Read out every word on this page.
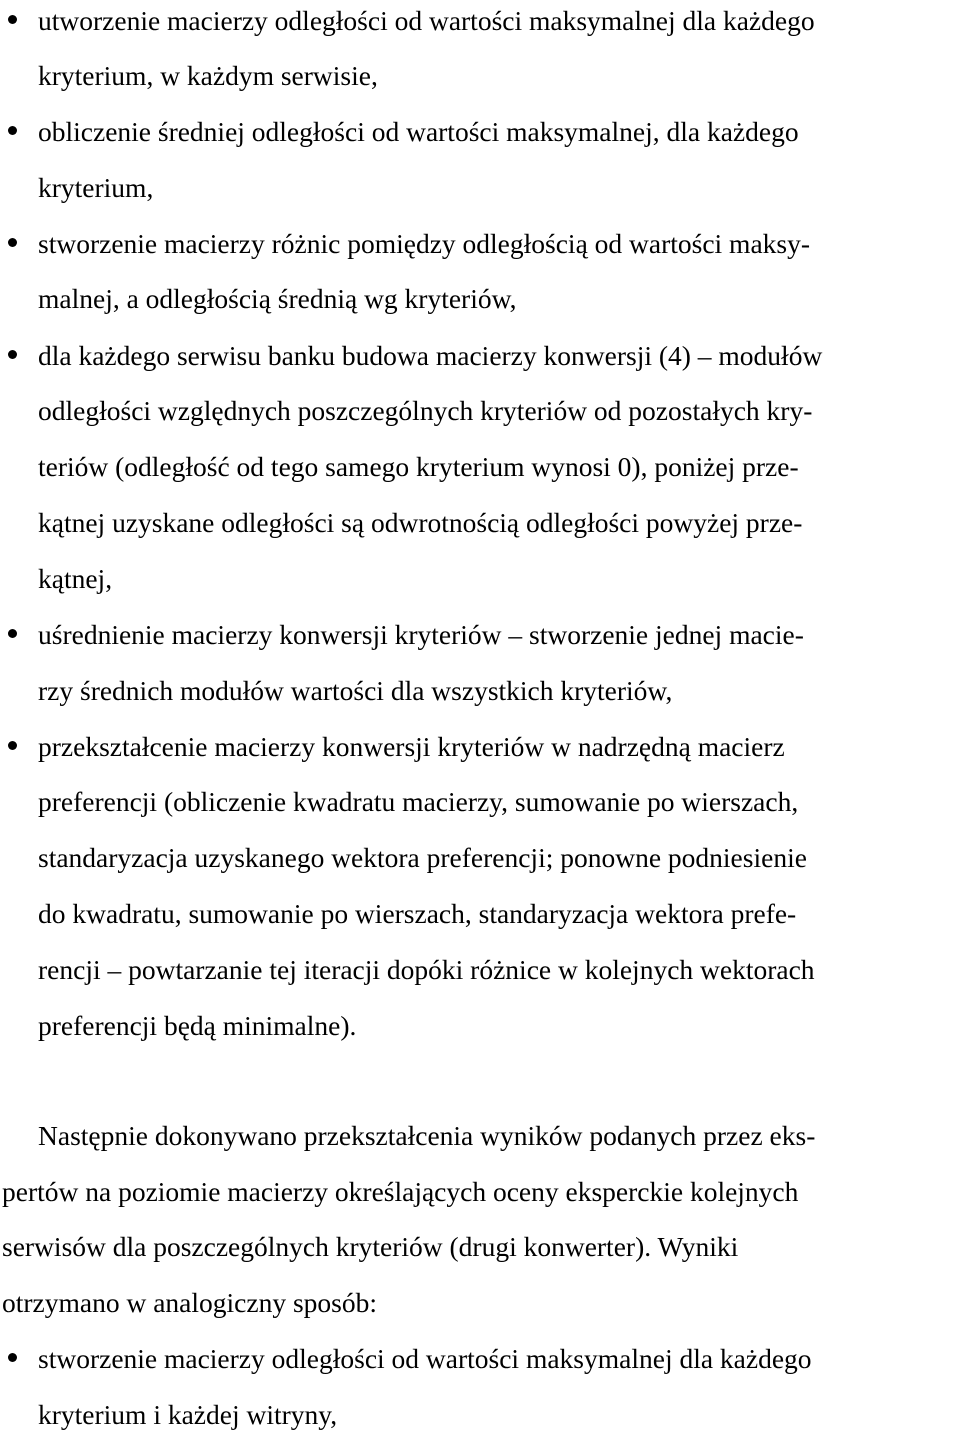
utworzenie macierzy odległości od wartości maksymalnej dla każdego
kryterium, w każdym serwisie,
obliczenie średniej odległości od wartości maksymalnej, dla każdego
kryterium,
stworzenie macierzy różnic pomiędzy odległością od wartości maksy-
malnej, a odległością średnią wg kryteriów,
dla każdego serwisu banku budowa macierzy konwersji (4) – modułów
odległości względnych poszczególnych kryteriów od pozostałych kry-
teriów (odległość od tego samego kryterium wynosi 0), poniżej prze-
kątnej uzyskane odległości są odwrotnością odległości powyżej prze-
kątnej,
uśrednienie macierzy konwersji kryteriów – stworzenie jednej macie-
rzy średnich modułów wartości dla wszystkich kryteriów,
przekształcenie macierzy konwersji kryteriów w nadrzędną macierz
preferencji (obliczenie kwadratu macierzy, sumowanie po wierszach,
standaryzacja uzyskanego wektora preferencji; ponowne podniesienie
do kwadratu, sumowanie po wierszach, standaryzacja wektora prefe-
rencji – powtarzanie tej iteracji dopóki różnice w kolejnych wektorach
preferencji będą minimalne).
Następnie dokonywano przekształcenia wyników podanych przez eks-
pertów na poziomie macierzy określających oceny eksperckie kolejnych
serwisów dla poszczególnych kryteriów (drugi konwerter). Wyniki
otrzymano w analogiczny sposób:
stworzenie macierzy odległości od wartości maksymalnej dla każdego
kryterium i każdej witryny,
